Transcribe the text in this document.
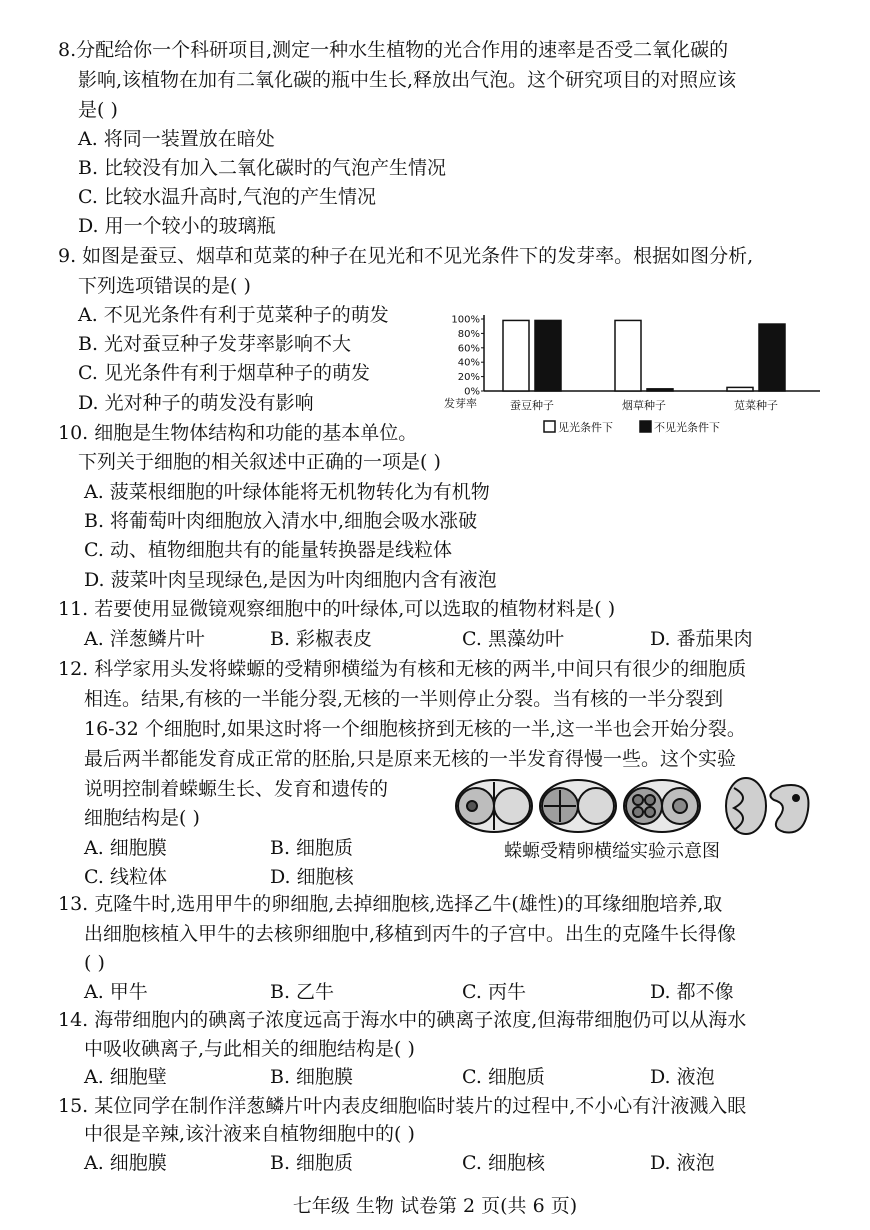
8.分配给你一个科研项目,测定一种水生植物的光合作用的速率是否受二氧化碳的
影响,该植物在加有二氧化碳的瓶中生长,释放出气泡。这个研究项目的对照应该
是( )
A. 将同一装置放在暗处
B. 比较没有加入二氧化碳时的气泡产生情况
C. 比较水温升高时,气泡的产生情况
D. 用一个较小的玻璃瓶
9. 如图是蚕豆、烟草和苋菜的种子在见光和不见光条件下的发芽率。根据如图分析,
下列选项错误的是( )
A. 不见光条件有利于苋菜种子的萌发
B. 光对蚕豆种子发芽率影响不大
C. 见光条件有利于烟草种子的萌发
D. 光对种子的萌发没有影响	0%
20%
40%
60%
80%
100%
发芽率	蚕豆种子	烟草种子	苋菜种子
见光条件下	不见光条件下
10. 细胞是生物体结构和功能的基本单位。
下列关于细胞的相关叙述中正确的一项是( )
A. 菠菜根细胞的叶绿体能将无机物转化为有机物
B. 将葡萄叶肉细胞放入清水中,细胞会吸水涨破
C. 动、植物细胞共有的能量转换器是线粒体
D. 菠菜叶肉呈现绿色,是因为叶肉细胞内含有液泡
11. 若要使用显微镜观察细胞中的叶绿体,可以选取的植物材料是( )
A. 洋葱鳞片叶	B. 彩椒表皮	C. 黑藻幼叶	D. 番茄果肉
12. 科学家用头发将蝾螈的受精卵横缢为有核和无核的两半,中间只有很少的细胞质
相连。结果,有核的一半能分裂,无核的一半则停止分裂。当有核的一半分裂到
16-32 个细胞时,如果这时将一个细胞核挤到无核的一半,这一半也会开始分裂。
最后两半都能发育成正常的胚胎,只是原来无核的一半发育得慢一些。这个实验
说明控制着蝾螈生长、发育和遗传的
细胞结构是( )
A. 细胞膜	B. 细胞质
C. 线粒体	D. 细胞核
蝾螈受精卵横缢实验示意图
13. 克隆牛时,选用甲牛的卵细胞,去掉细胞核,选择乙牛(雄性)的耳缘细胞培养,取
出细胞核植入甲牛的去核卵细胞中,移植到丙牛的子宫中。出生的克隆牛长得像
( )
A. 甲牛	B. 乙牛	C. 丙牛	D. 都不像
14. 海带细胞内的碘离子浓度远高于海水中的碘离子浓度,但海带细胞仍可以从海水
中吸收碘离子,与此相关的细胞结构是( )
A. 细胞壁	B. 细胞膜	C. 细胞质	D. 液泡
15. 某位同学在制作洋葱鳞片叶内表皮细胞临时装片的过程中,不小心有汁液溅入眼
中很是辛辣,该汁液来自植物细胞中的( )
A. 细胞膜	B. 细胞质	C. 细胞核	D. 液泡
七年级 生物 试卷第 2 页(共 6 页)
